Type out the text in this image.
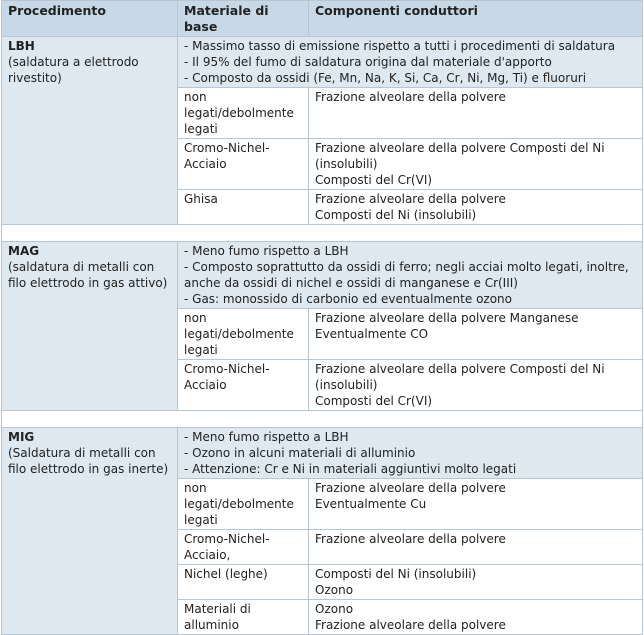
Procedimento	Materiale di base	Componenti conduttori

LBH
(saldatura a elettrodo rivestito)	- Massimo tasso di emissione rispetto a tutti i procedimenti di saldatura
- Il 95% del fumo di saldatura origina dal materiale d'apporto
- Composto da ossidi (Fe, Mn, Na, K, Si, Ca, Cr, Ni, Mg, Ti) e fluoruri	

	non legati/debolmente legati	Frazione alveolare della polvere

	Cromo-Nichel-Acciaio	Frazione alveolare della polvere Composti del Ni (insolubili)
Composti del Cr(VI)

	Ghisa	Frazione alveolare della polvere
Composti del Ni (insolubili)

MAG
(saldatura di metalli con filo elettrodo in gas attivo)	- Meno fumo rispetto a LBH
- Composto soprattutto da ossidi di ferro; negli acciai molto legati, inoltre, anche da ossidi di nichel e ossidi di manganese e Cr(III)
- Gas: monossido di carbonio ed eventualmente ozono	

	non legati/debolmente legati	Frazione alveolare della polvere Manganese
Eventualmente CO

	Cromo-Nichel-Acciaio	Frazione alveolare della polvere Composti del Ni (insolubili)
Composti del Cr(VI)

MIG
(Saldatura di metalli con filo elettrodo in gas inerte)	- Meno fumo rispetto a LBH
- Ozono in alcuni materiali di alluminio
- Attenzione: Cr e Ni in materiali aggiuntivi molto legati	

	non legati/debolmente legati	Frazione alveolare della polvere
Eventualmente Cu

	Cromo-Nichel-Acciaio,	Frazione alveolare della polvere

	Nichel (leghe)	Composti del Ni (insolubili)
Ozono

	Materiali di alluminio	Ozono
Frazione alveolare della polvere
